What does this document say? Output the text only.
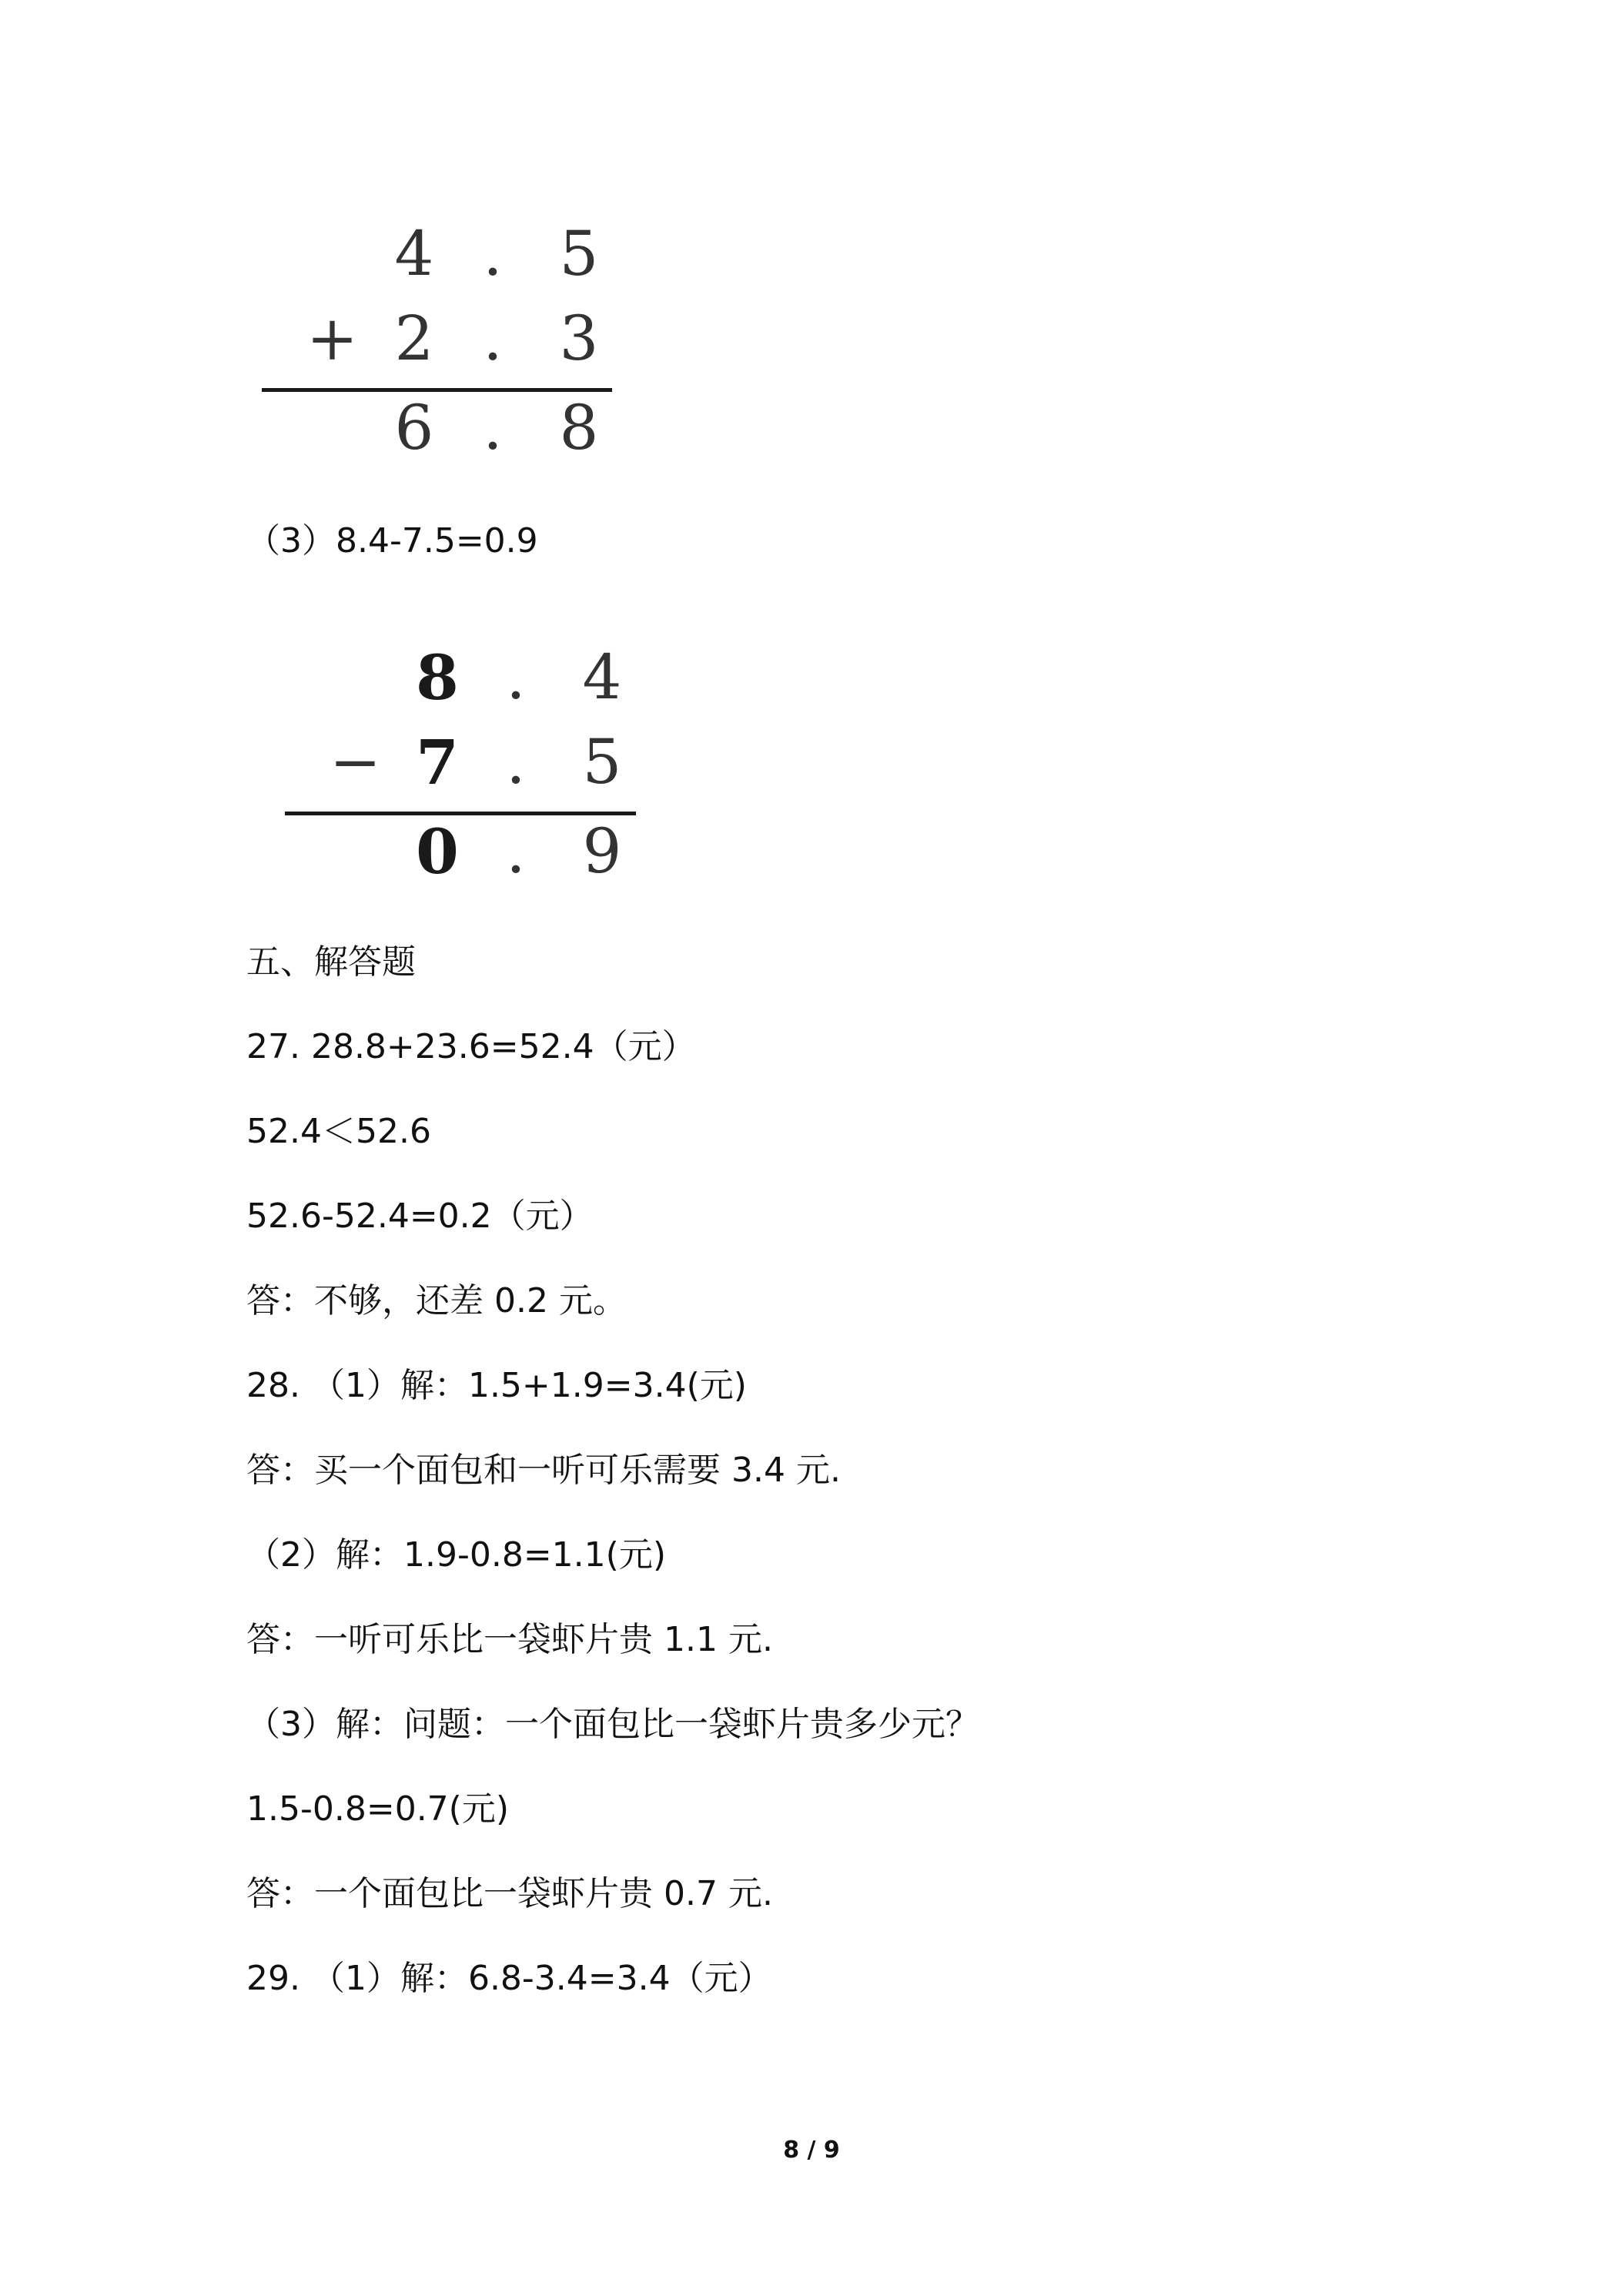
4 . 5
+ 2 . 3
6 . 8
（3）8.4-7.5=0.9
8 . 4
− 7 . 5
0 . 9
五、解答题
27. 28.8+23.6=52.4（元）
52.4＜52.6
52.6-52.4=0.2（元）
答：不够，还差 0.2 元。
28. （1）解：1.5+1.9=3.4(元)
答：买一个面包和一听可乐需要 3.4 元.
（2）解：1.9-0.8=1.1(元)
答：一听可乐比一袋虾片贵 1.1 元.
（3）解：问题：一个面包比一袋虾片贵多少元？
1.5-0.8=0.7(元)
答：一个面包比一袋虾片贵 0.7 元.
29. （1）解：6.8-3.4=3.4（元）
8 / 9
